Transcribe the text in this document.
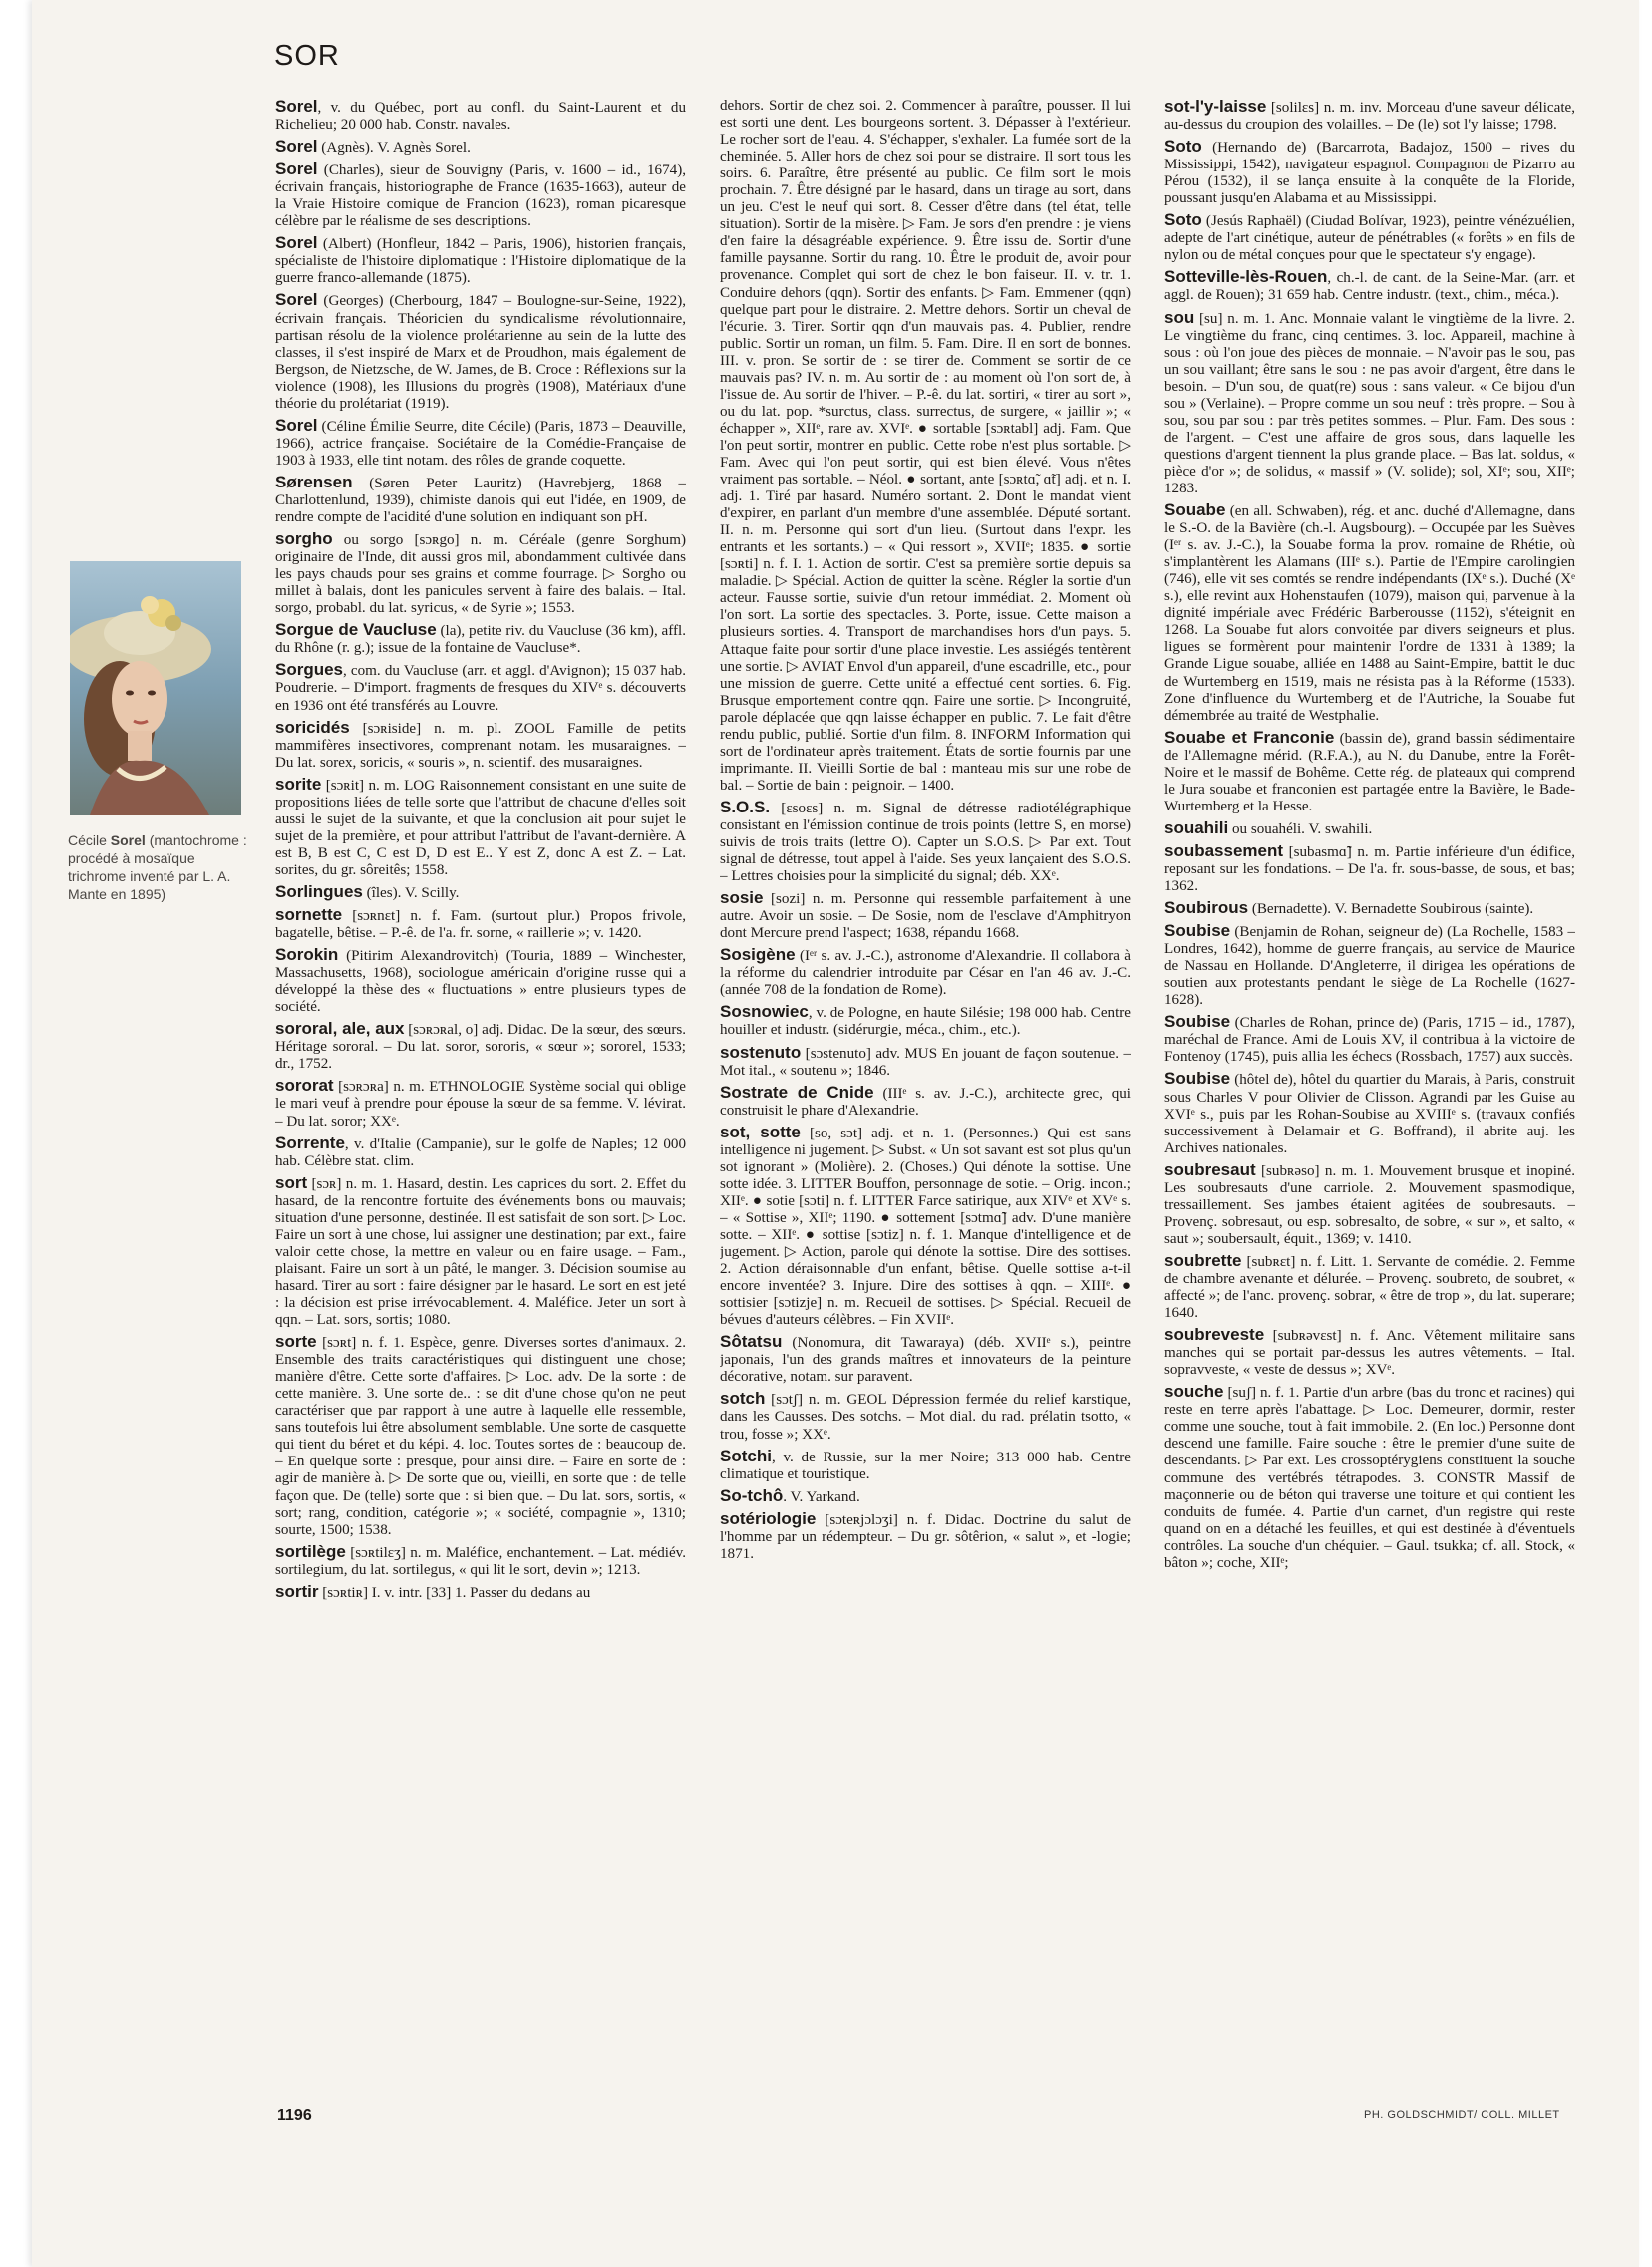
SOR
Cécile Sorel (mantochrome : procédé à mosaïque trichrome inventé par L. A. Mante en 1895)

Sorel, v. du Québec, port au confl. du Saint-Laurent et du Richelieu; 20 000 hab. Constr. navales.

Sorel (Agnès). V. Agnès Sorel.

Sorel (Charles), sieur de Souvigny (Paris, v. 1600 – id., 1674), écrivain français, historiographe de France (1635-1663), auteur de la Vraie Histoire comique de Francion (1623), roman picaresque célèbre par le réalisme de ses descriptions.

Sorel (Albert) (Honfleur, 1842 – Paris, 1906), historien français, spécialiste de l'histoire diplomatique : l'Histoire diplomatique de la guerre franco-allemande (1875).

Sorel (Georges) (Cherbourg, 1847 – Boulogne-sur-Seine, 1922), écrivain français. Théoricien du syndicalisme révolutionnaire, partisan résolu de la violence prolétarienne au sein de la lutte des classes, il s'est inspiré de Marx et de Proudhon, mais également de Bergson, de Nietzsche, de W. James, de B. Croce : Réflexions sur la violence (1908), les Illusions du progrès (1908), Matériaux d'une théorie du prolétariat (1919).

Sorel (Céline Émilie Seurre, dite Cécile) (Paris, 1873 – Deauville, 1966), actrice française. Sociétaire de la Comédie-Française de 1903 à 1933, elle tint notam. des rôles de grande coquette.

Sørensen (Søren Peter Lauritz) (Havrebjerg, 1868 – Charlottenlund, 1939), chimiste danois qui eut l'idée, en 1909, de rendre compte de l'acidité d'une solution en indiquant son pH.

sorgho ou sorgo [sɔʀgo] n. m. Céréale (genre Sorghum) originaire de l'Inde, dit aussi gros mil, abondamment cultivée dans les pays chauds pour ses grains et comme fourrage. ▷ Sorgho ou millet à balais, dont les panicules servent à faire des balais. – Ital. sorgo, probabl. du lat. syricus, « de Syrie »; 1553.

Sorgue de Vaucluse (la), petite riv. du Vaucluse (36 km), affl. du Rhône (r. g.); issue de la fontaine de Vaucluse*.

Sorgues, com. du Vaucluse (arr. et aggl. d'Avignon); 15 037 hab. Poudrerie. – D'import. fragments de fresques du XIVᵉ s. découverts en 1936 ont été transférés au Louvre.

soricidés [sɔʀiside] n. m. pl. ZOOL Famille de petits mammifères insectivores, comprenant notam. les musaraignes. – Du lat. sorex, soricis, « souris », n. scientif. des musaraignes.

sorite [sɔʀit] n. m. LOG Raisonnement consistant en une suite de propositions liées de telle sorte que l'attribut de chacune d'elles soit aussi le sujet de la suivante, et que la conclusion ait pour sujet le sujet de la première, et pour attribut l'attribut de l'avant-dernière. A est B, B est C, C est D, D est E.. Y est Z, donc A est Z. – Lat. sorites, du gr. sôreitês; 1558.

Sorlingues (îles). V. Scilly.

sornette [sɔʀnɛt] n. f. Fam. (surtout plur.) Propos frivole, bagatelle, bêtise. – P.-ê. de l'a. fr. sorne, « raillerie »; v. 1420.

Sorokin (Pitirim Alexandrovitch) (Touria, 1889 – Winchester, Massachusetts, 1968), sociologue américain d'origine russe qui a développé la thèse des « fluctuations » entre plusieurs types de société.

sororal, ale, aux [sɔʀɔʀal, o] adj. Didac. De la sœur, des sœurs. Héritage sororal. – Du lat. soror, sororis, « sœur »; sororel, 1533; dr., 1752.

sororat [sɔʀɔʀa] n. m. ETHNOLOGIE Système social qui oblige le mari veuf à prendre pour épouse la sœur de sa femme. V. lévirat. – Du lat. soror; XXᵉ.

Sorrente, v. d'Italie (Campanie), sur le golfe de Naples; 12 000 hab. Célèbre stat. clim.

sort [sɔʀ] n. m. 1. Hasard, destin. Les caprices du sort. 2. Effet du hasard, de la rencontre fortuite des événements bons ou mauvais; situation d'une personne, destinée. Il est satisfait de son sort. ▷ Loc. Faire un sort à une chose, lui assigner une destination; par ext., faire valoir cette chose, la mettre en valeur ou en faire usage. – Fam., plaisant. Faire un sort à un pâté, le manger. 3. Décision soumise au hasard. Tirer au sort : faire désigner par le hasard. Le sort en est jeté : la décision est prise irrévocablement. 4. Maléfice. Jeter un sort à qqn. – Lat. sors, sortis; 1080.

sorte [sɔʀt] n. f. 1. Espèce, genre. Diverses sortes d'animaux. 2. Ensemble des traits caractéristiques qui distinguent une chose; manière d'être. Cette sorte d'affaires. ▷ Loc. adv. De la sorte : de cette manière. 3. Une sorte de.. : se dit d'une chose qu'on ne peut caractériser que par rapport à une autre à laquelle elle ressemble, sans toutefois lui être absolument semblable. Une sorte de casquette qui tient du béret et du képi. 4. loc. Toutes sortes de : beaucoup de. – En quelque sorte : presque, pour ainsi dire. – Faire en sorte de : agir de manière à. ▷ De sorte que ou, vieilli, en sorte que : de telle façon que. De (telle) sorte que : si bien que. – Du lat. sors, sortis, « sort; rang, condition, catégorie »; « société, compagnie », 1310; sourte, 1500; 1538.

sortilège [sɔʀtilɛʒ] n. m. Maléfice, enchantement. – Lat. médiév. sortilegium, du lat. sortilegus, « qui lit le sort, devin »; 1213.

sortir [sɔʀtiʀ] I. v. intr. [33] 1. Passer du dedans au

dehors. Sortir de chez soi. 2. Commencer à paraître, pousser. Il lui est sorti une dent. Les bourgeons sortent. 3. Dépasser à l'extérieur. Le rocher sort de l'eau. 4. S'échapper, s'exhaler. La fumée sort de la cheminée. 5. Aller hors de chez soi pour se distraire. Il sort tous les soirs. 6. Paraître, être présenté au public. Ce film sort le mois prochain. 7. Être désigné par le hasard, dans un tirage au sort, dans un jeu. C'est le neuf qui sort. 8. Cesser d'être dans (tel état, telle situation). Sortir de la misère. ▷ Fam. Je sors d'en prendre : je viens d'en faire la désagréable expérience. 9. Être issu de. Sortir d'une famille paysanne. Sortir du rang. 10. Être le produit de, avoir pour provenance. Complet qui sort de chez le bon faiseur. II. v. tr. 1. Conduire dehors (qqn). Sortir des enfants. ▷ Fam. Emmener (qqn) quelque part pour le distraire. 2. Mettre dehors. Sortir un cheval de l'écurie. 3. Tirer. Sortir qqn d'un mauvais pas. 4. Publier, rendre public. Sortir un roman, un film. 5. Fam. Dire. Il en sort de bonnes. III. v. pron. Se sortir de : se tirer de. Comment se sortir de ce mauvais pas? IV. n. m. Au sortir de : au moment où l'on sort de, à l'issue de. Au sortir de l'hiver. – P.-ê. du lat. sortiri, « tirer au sort », ou du lat. pop. *surctus, class. surrectus, de surgere, « jaillir »; « échapper », XIIᵉ, rare av. XVIᵉ. ● sortable [sɔʀtabl] adj. Fam. Que l'on peut sortir, montrer en public. Cette robe n'est plus sortable. ▷ Fam. Avec qui l'on peut sortir, qui est bien élevé. Vous n'êtes vraiment pas sortable. – Néol. ● sortant, ante [sɔʀtɑ̃, ɑ̃t] adj. et n. I. adj. 1. Tiré par hasard. Numéro sortant. 2. Dont le mandat vient d'expirer, en parlant d'un membre d'une assemblée. Député sortant. II. n. m. Personne qui sort d'un lieu. (Surtout dans l'expr. les entrants et les sortants.) – « Qui ressort », XVIIᵉ; 1835. ● sortie [sɔʀti] n. f. I. 1. Action de sortir. C'est sa première sortie depuis sa maladie. ▷ Spécial. Action de quitter la scène. Régler la sortie d'un acteur. Fausse sortie, suivie d'un retour immédiat. 2. Moment où l'on sort. La sortie des spectacles. 3. Porte, issue. Cette maison a plusieurs sorties. 4. Transport de marchandises hors d'un pays. 5. Attaque faite pour sortir d'une place investie. Les assiégés tentèrent une sortie. ▷ AVIAT Envol d'un appareil, d'une escadrille, etc., pour une mission de guerre. Cette unité a effectué cent sorties. 6. Fig. Brusque emportement contre qqn. Faire une sortie. ▷ Incongruité, parole déplacée que qqn laisse échapper en public. 7. Le fait d'être rendu public, publié. Sortie d'un film. 8. INFORM Information qui sort de l'ordinateur après traitement. États de sortie fournis par une imprimante. II. Vieilli Sortie de bal : manteau mis sur une robe de bal. – Sortie de bain : peignoir. – 1400.

S.O.S. [ɛsoɛs] n. m. Signal de détresse radiotélégraphique consistant en l'émission continue de trois points (lettre S, en morse) suivis de trois traits (lettre O). Capter un S.O.S. ▷ Par ext. Tout signal de détresse, tout appel à l'aide. Ses yeux lançaient des S.O.S. – Lettres choisies pour la simplicité du signal; déb. XXᵉ.

sosie [sozi] n. m. Personne qui ressemble parfaitement à une autre. Avoir un sosie. – De Sosie, nom de l'esclave d'Amphitryon dont Mercure prend l'aspect; 1638, répandu 1668.

Sosigène (Iᵉʳ s. av. J.-C.), astronome d'Alexandrie. Il collabora à la réforme du calendrier introduite par César en l'an 46 av. J.-C. (année 708 de la fondation de Rome).

Sosnowiec, v. de Pologne, en haute Silésie; 198 000 hab. Centre houiller et industr. (sidérurgie, méca., chim., etc.).

sostenuto [sɔstenuto] adv. MUS En jouant de façon soutenue. – Mot ital., « soutenu »; 1846.

Sostrate de Cnide (IIIᵉ s. av. J.-C.), architecte grec, qui construisit le phare d'Alexandrie.

sot, sotte [so, sɔt] adj. et n. 1. (Personnes.) Qui est sans intelligence ni jugement. ▷ Subst. « Un sot savant est sot plus qu'un sot ignorant » (Molière). 2. (Choses.) Qui dénote la sottise. Une sotte idée. 3. LITTER Bouffon, personnage de sotie. – Orig. incon.; XIIᵉ. ● sotie [sɔti] n. f. LITTER Farce satirique, aux XIVᵉ et XVᵉ s. – « Sottise », XIIᵉ; 1190. ● sottement [sɔtmɑ̃] adv. D'une manière sotte. – XIIᵉ. ● sottise [sɔtiz] n. f. 1. Manque d'intelligence et de jugement. ▷ Action, parole qui dénote la sottise. Dire des sottises. 2. Action déraisonnable d'un enfant, bêtise. Quelle sottise a-t-il encore inventée? 3. Injure. Dire des sottises à qqn. – XIIIᵉ. ● sottisier [sɔtizje] n. m. Recueil de sottises. ▷ Spécial. Recueil de bévues d'auteurs célèbres. – Fin XVIIᵉ.

Sôtatsu (Nonomura, dit Tawaraya) (déb. XVIIᵉ s.), peintre japonais, l'un des grands maîtres et innovateurs de la peinture décorative, notam. sur paravent.

sotch [sɔtʃ] n. m. GEOL Dépression fermée du relief karstique, dans les Causses. Des sotchs. – Mot dial. du rad. prélatin tsotto, « trou, fosse »; XXᵉ.

Sotchi, v. de Russie, sur la mer Noire; 313 000 hab. Centre climatique et touristique.

So-tchô. V. Yarkand.

sotériologie [sɔteʀjɔlɔʒi] n. f. Didac. Doctrine du salut de l'homme par un rédempteur. – Du gr. sôtêrion, « salut », et -logie; 1871.

sot-l'y-laisse [solilɛs] n. m. inv. Morceau d'une saveur délicate, au-dessus du croupion des volailles. – De (le) sot l'y laisse; 1798.

Soto (Hernando de) (Barcarrota, Badajoz, 1500 – rives du Mississippi, 1542), navigateur espagnol. Compagnon de Pizarro au Pérou (1532), il se lança ensuite à la conquête de la Floride, poussant jusqu'en Alabama et au Mississippi.

Soto (Jesús Raphaël) (Ciudad Bolívar, 1923), peintre vénézuélien, adepte de l'art cinétique, auteur de pénétrables (« forêts » en fils de nylon ou de métal conçues pour que le spectateur s'y engage).

Sotteville-lès-Rouen, ch.-l. de cant. de la Seine-Mar. (arr. et aggl. de Rouen); 31 659 hab. Centre industr. (text., chim., méca.).

sou [su] n. m. 1. Anc. Monnaie valant le vingtième de la livre. 2. Le vingtième du franc, cinq centimes. 3. loc. Appareil, machine à sous : où l'on joue des pièces de monnaie. – N'avoir pas le sou, pas un sou vaillant; être sans le sou : ne pas avoir d'argent, être dans le besoin. – D'un sou, de quat(re) sous : sans valeur. « Ce bijou d'un sou » (Verlaine). – Propre comme un sou neuf : très propre. – Sou à sou, sou par sou : par très petites sommes. – Plur. Fam. Des sous : de l'argent. – C'est une affaire de gros sous, dans laquelle les questions d'argent tiennent la plus grande place. – Bas lat. soldus, « pièce d'or »; de solidus, « massif » (V. solide); sol, XIᵉ; sou, XIIᵉ; 1283.

Souabe (en all. Schwaben), rég. et anc. duché d'Allemagne, dans le S.-O. de la Bavière (ch.-l. Augsbourg). – Occupée par les Suèves (Iᵉʳ s. av. J.-C.), la Souabe forma la prov. romaine de Rhétie, où s'implantèrent les Alamans (IIIᵉ s.). Partie de l'Empire carolingien (746), elle vit ses comtés se rendre indépendants (IXᵉ s.). Duché (Xᵉ s.), elle revint aux Hohenstaufen (1079), maison qui, parvenue à la dignité impériale avec Frédéric Barberousse (1152), s'éteignit en 1268. La Souabe fut alors convoitée par divers seigneurs et plus. ligues se formèrent pour maintenir l'ordre de 1331 à 1389; la Grande Ligue souabe, alliée en 1488 au Saint-Empire, battit le duc de Wurtemberg en 1519, mais ne résista pas à la Réforme (1533). Zone d'influence du Wurtemberg et de l'Autriche, la Souabe fut démembrée au traité de Westphalie.

Souabe et Franconie (bassin de), grand bassin sédimentaire de l'Allemagne mérid. (R.F.A.), au N. du Danube, entre la Forêt-Noire et le massif de Bohême. Cette rég. de plateaux qui comprend le Jura souabe et franconien est partagée entre la Bavière, le Bade-Wurtemberg et la Hesse.

souahili ou souahéli. V. swahili.

soubassement [subasmɑ̃] n. m. Partie inférieure d'un édifice, reposant sur les fondations. – De l'a. fr. sous-basse, de sous, et bas; 1362.

Soubirous (Bernadette). V. Bernadette Soubirous (sainte).

Soubise (Benjamin de Rohan, seigneur de) (La Rochelle, 1583 – Londres, 1642), homme de guerre français, au service de Maurice de Nassau en Hollande. D'Angleterre, il dirigea les opérations de soutien aux protestants pendant le siège de La Rochelle (1627-1628).

Soubise (Charles de Rohan, prince de) (Paris, 1715 – id., 1787), maréchal de France. Ami de Louis XV, il contribua à la victoire de Fontenoy (1745), puis allia les échecs (Rossbach, 1757) aux succès.

Soubise (hôtel de), hôtel du quartier du Marais, à Paris, construit sous Charles V pour Olivier de Clisson. Agrandi par les Guise au XVIᵉ s., puis par les Rohan-Soubise au XVIIIᵉ s. (travaux confiés successivement à Delamair et G. Boffrand), il abrite auj. les Archives nationales.

soubresaut [subʀəso] n. m. 1. Mouvement brusque et inopiné. Les soubresauts d'une carriole. 2. Mouvement spasmodique, tressaillement. Ses jambes étaient agitées de soubresauts. – Provenç. sobresaut, ou esp. sobresalto, de sobre, « sur », et salto, « saut »; soubersault, équit., 1369; v. 1410.

soubrette [subʀɛt] n. f. Litt. 1. Servante de comédie. 2. Femme de chambre avenante et délurée. – Provenç. soubreto, de soubret, « affecté »; de l'anc. provenç. sobrar, « être de trop », du lat. superare; 1640.

soubreveste [subʀəvɛst] n. f. Anc. Vêtement militaire sans manches qui se portait par-dessus les autres vêtements. – Ital. sopravveste, « veste de dessus »; XVᵉ.

souche [suʃ] n. f. 1. Partie d'un arbre (bas du tronc et racines) qui reste en terre après l'abattage. ▷ Loc. Demeurer, dormir, rester comme une souche, tout à fait immobile. 2. (En loc.) Personne dont descend une famille. Faire souche : être le premier d'une suite de descendants. ▷ Par ext. Les crossoptérygiens constituent la souche commune des vertébrés tétrapodes. 3. CONSTR Massif de maçonnerie ou de béton qui traverse une toiture et qui contient les conduits de fumée. 4. Partie d'un carnet, d'un registre qui reste quand on en a détaché les feuilles, et qui est destinée à d'éventuels contrôles. La souche d'un chéquier. – Gaul. tsukka; cf. all. Stock, « bâton »; coche, XIIᵉ;

1196	PH. GOLDSCHMIDT/ COLL. MILLET
